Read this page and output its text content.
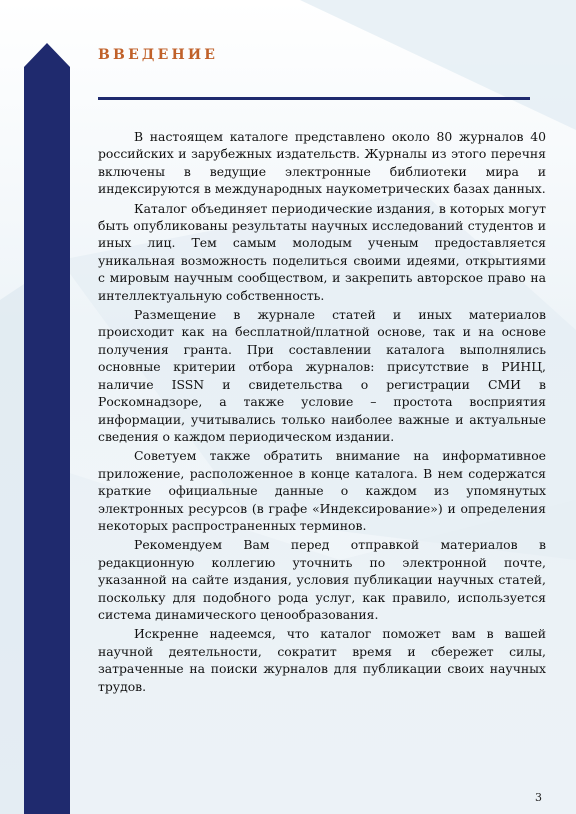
ВВЕДЕНИЕ

В настоящем каталоге представлено около 80 журналов 40 российских и зарубежных издательств. Журналы из этого перечня включены в ведущие электронные библиотеки мира и индексируются в международных наукометрических базах данных.

Каталог объединяет периодические издания, в которых могут быть опубликованы результаты научных исследований студентов и иных лиц. Тем самым молодым ученым предоставляется уникальная возможность поделиться своими идеями, открытиями с мировым научным сообществом, и закрепить авторское право на интеллектуальную собственность.

Размещение в журнале статей и иных материалов происходит как на бесплатной/платной основе, так и на основе получения гранта. При составлении каталога выполнялись основные критерии отбора журналов: присутствие в РИНЦ, наличие ISSN и свидетельства о регистрации СМИ в Роскомнадзоре, а также условие – простота восприятия информации, учитывались только наиболее важные и актуальные сведения о каждом периодическом издании.

Советуем также обратить внимание на информативное приложение, расположенное в конце каталога. В нем содержатся краткие официальные данные о каждом из упомянутых электронных ресурсов (в графе «Индексирование») и определения некоторых распространенных терминов.

Рекомендуем Вам перед отправкой материалов в редакционную коллегию уточнить по электронной почте, указанной на сайте издания, условия публикации научных статей, поскольку для подобного рода услуг, как правило, используется система динамического ценообразования.

Искренне надеемся, что каталог поможет вам в вашей научной деятельности, сократит время и сбережет силы, затраченные на поиски журналов для публикации своих научных трудов.

3
